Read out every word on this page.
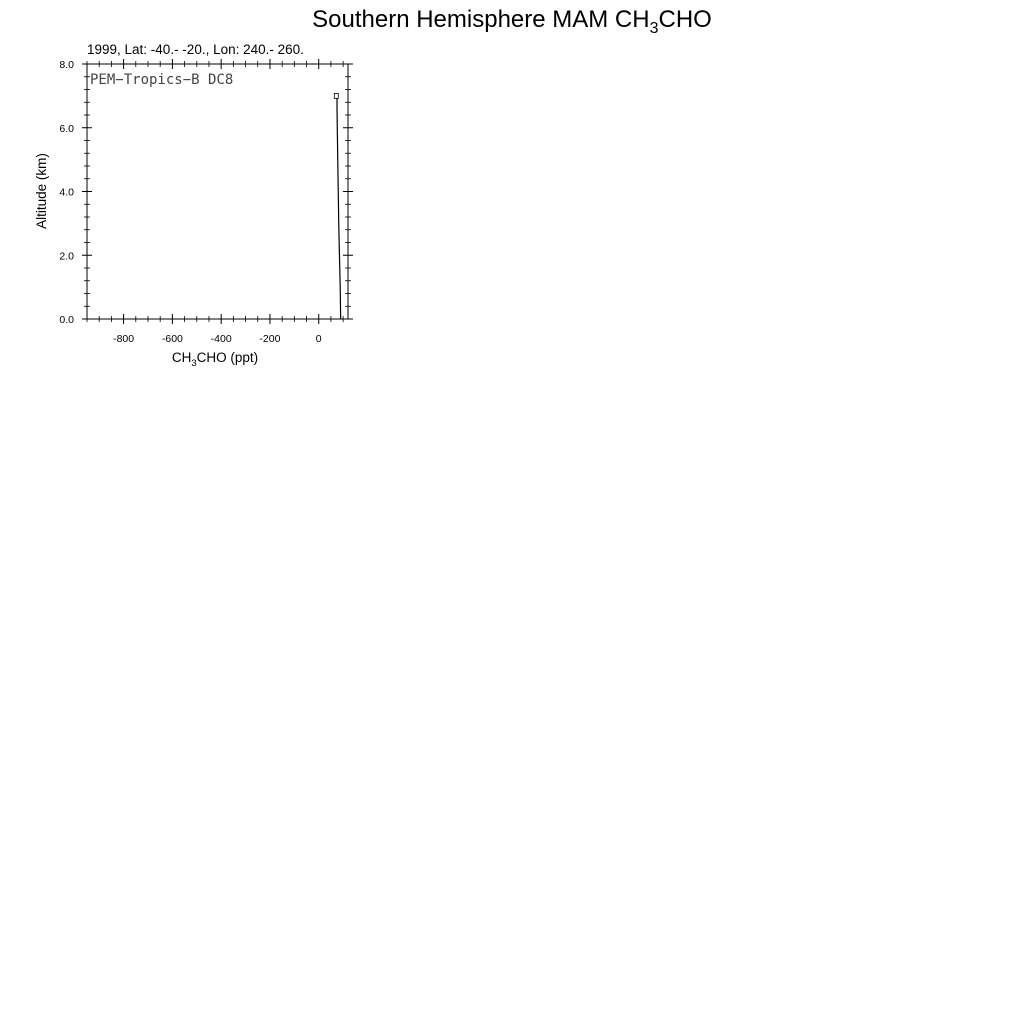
Southern Hemisphere MAM $CH_3CHO$
1999, Lat: -40.- -20., Lon: 240.- 260.
-800	-600	-400	-200	0
0.0
2.0
4.0
6.0
8.0
PEM−Tropics−B DC8
$CH_3CHO$ (ppt)
Altitude (km)
